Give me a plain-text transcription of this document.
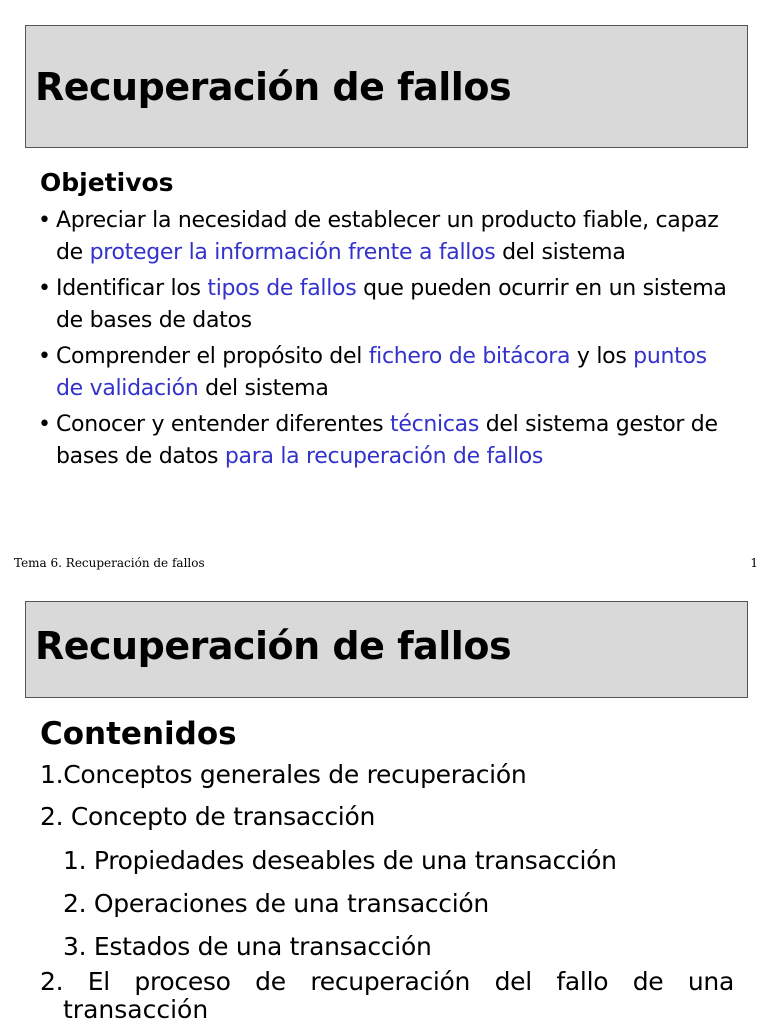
Recuperación de fallos
Objetivos
• Apreciar la necesidad de establecer un producto fiable, capaz de proteger la información frente a fallos del sistema
• Identificar los tipos de fallos que pueden ocurrir en un sistema de bases de datos
• Comprender el propósito del fichero de bitácora y los puntos de validación del sistema
• Conocer y entender diferentes técnicas del sistema gestor de bases de datos para la recuperación de fallos
Tema 6. Recuperación de fallos	1
Recuperación de fallos
Contenidos

1.Conceptos generales de recuperación

2. Concepto de transacción

1. Propiedades deseables de una transacción

2. Operaciones de una transacción

3. Estados de una transacción

2. El proceso de recuperación del fallo de una

transacción
